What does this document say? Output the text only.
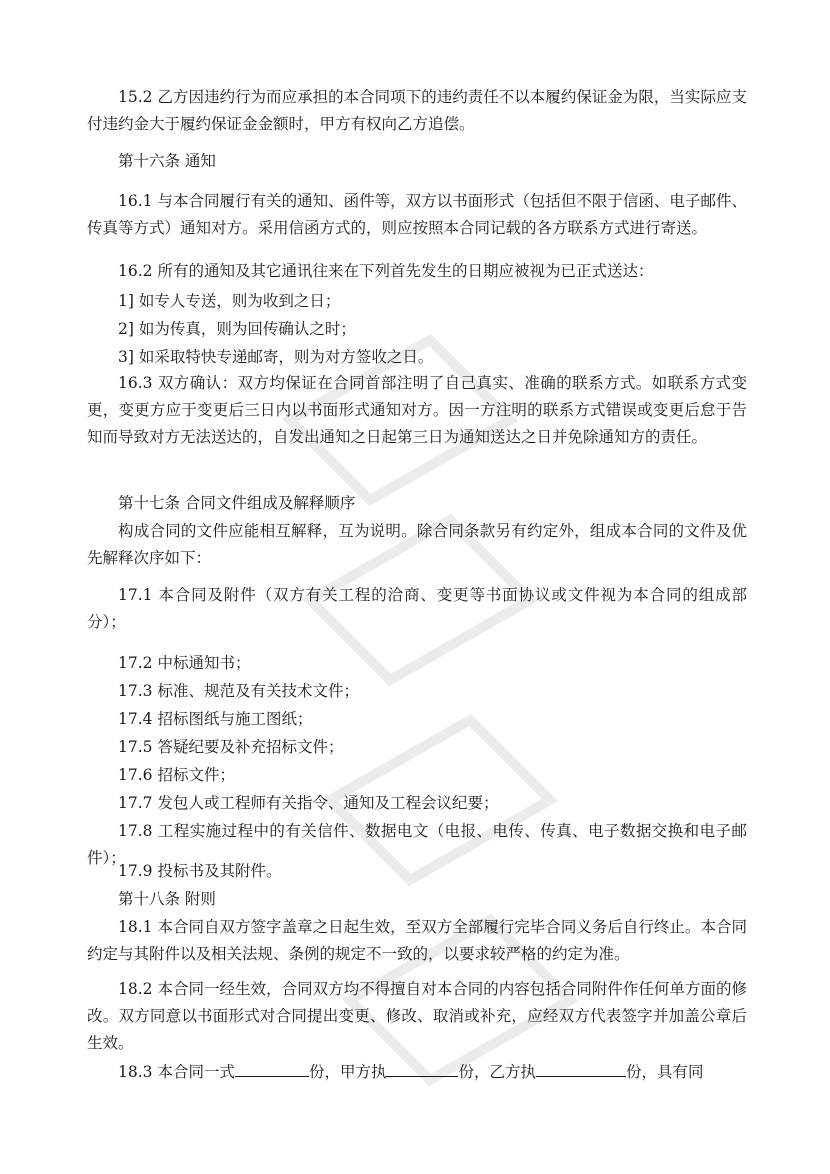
15.2 乙方因违约行为而应承担的本合同项下的违约责任不以本履约保证金为限，当实际应支付违约金大于履约保证金金额时，甲方有权向乙方追偿。
第十六条 通知
16.1 与本合同履行有关的通知、函件等，双方以书面形式（包括但不限于信函、电子邮件、传真等方式）通知对方。采用信函方式的，则应按照本合同记载的各方联系方式进行寄送。
16.2 所有的通知及其它通讯往来在下列首先发生的日期应被视为已正式送达：
1] 如专人专送，则为收到之日；
2] 如为传真，则为回传确认之时；
3] 如采取特快专递邮寄，则为对方签收之日。
16.3 双方确认：双方均保证在合同首部注明了自己真实、准确的联系方式。如联系方式变更，变更方应于变更后三日内以书面形式通知对方。因一方注明的联系方式错误或变更后怠于告知而导致对方无法送达的，自发出通知之日起第三日为通知送达之日并免除通知方的责任。
第十七条 合同文件组成及解释顺序
构成合同的文件应能相互解释，互为说明。除合同条款另有约定外，组成本合同的文件及优先解释次序如下：
17.1 本合同及附件（双方有关工程的洽商、变更等书面协议或文件视为本合同的组成部分）；
17.2 中标通知书；
17.3 标准、规范及有关技术文件；
17.4 招标图纸与施工图纸；
17.5 答疑纪要及补充招标文件；
17.6 招标文件；
17.7 发包人或工程师有关指令、通知及工程会议纪要；
17.8 工程实施过程中的有关信件、数据电文（电报、电传、传真、电子数据交换和电子邮件）；
17.9 投标书及其附件。
第十八条 附则
18.1 本合同自双方签字盖章之日起生效，至双方全部履行完毕合同义务后自行终止。本合同约定与其附件以及相关法规、条例的规定不一致的，以要求较严格的约定为准。
18.2 本合同一经生效，合同双方均不得擅自对本合同的内容包括合同附件作任何单方面的修改。双方同意以书面形式对合同提出变更、修改、取消或补充，应经双方代表签字并加盖公章后生效。
18.3 本合同一式	份，甲方执	份，乙方执	份，具有同
